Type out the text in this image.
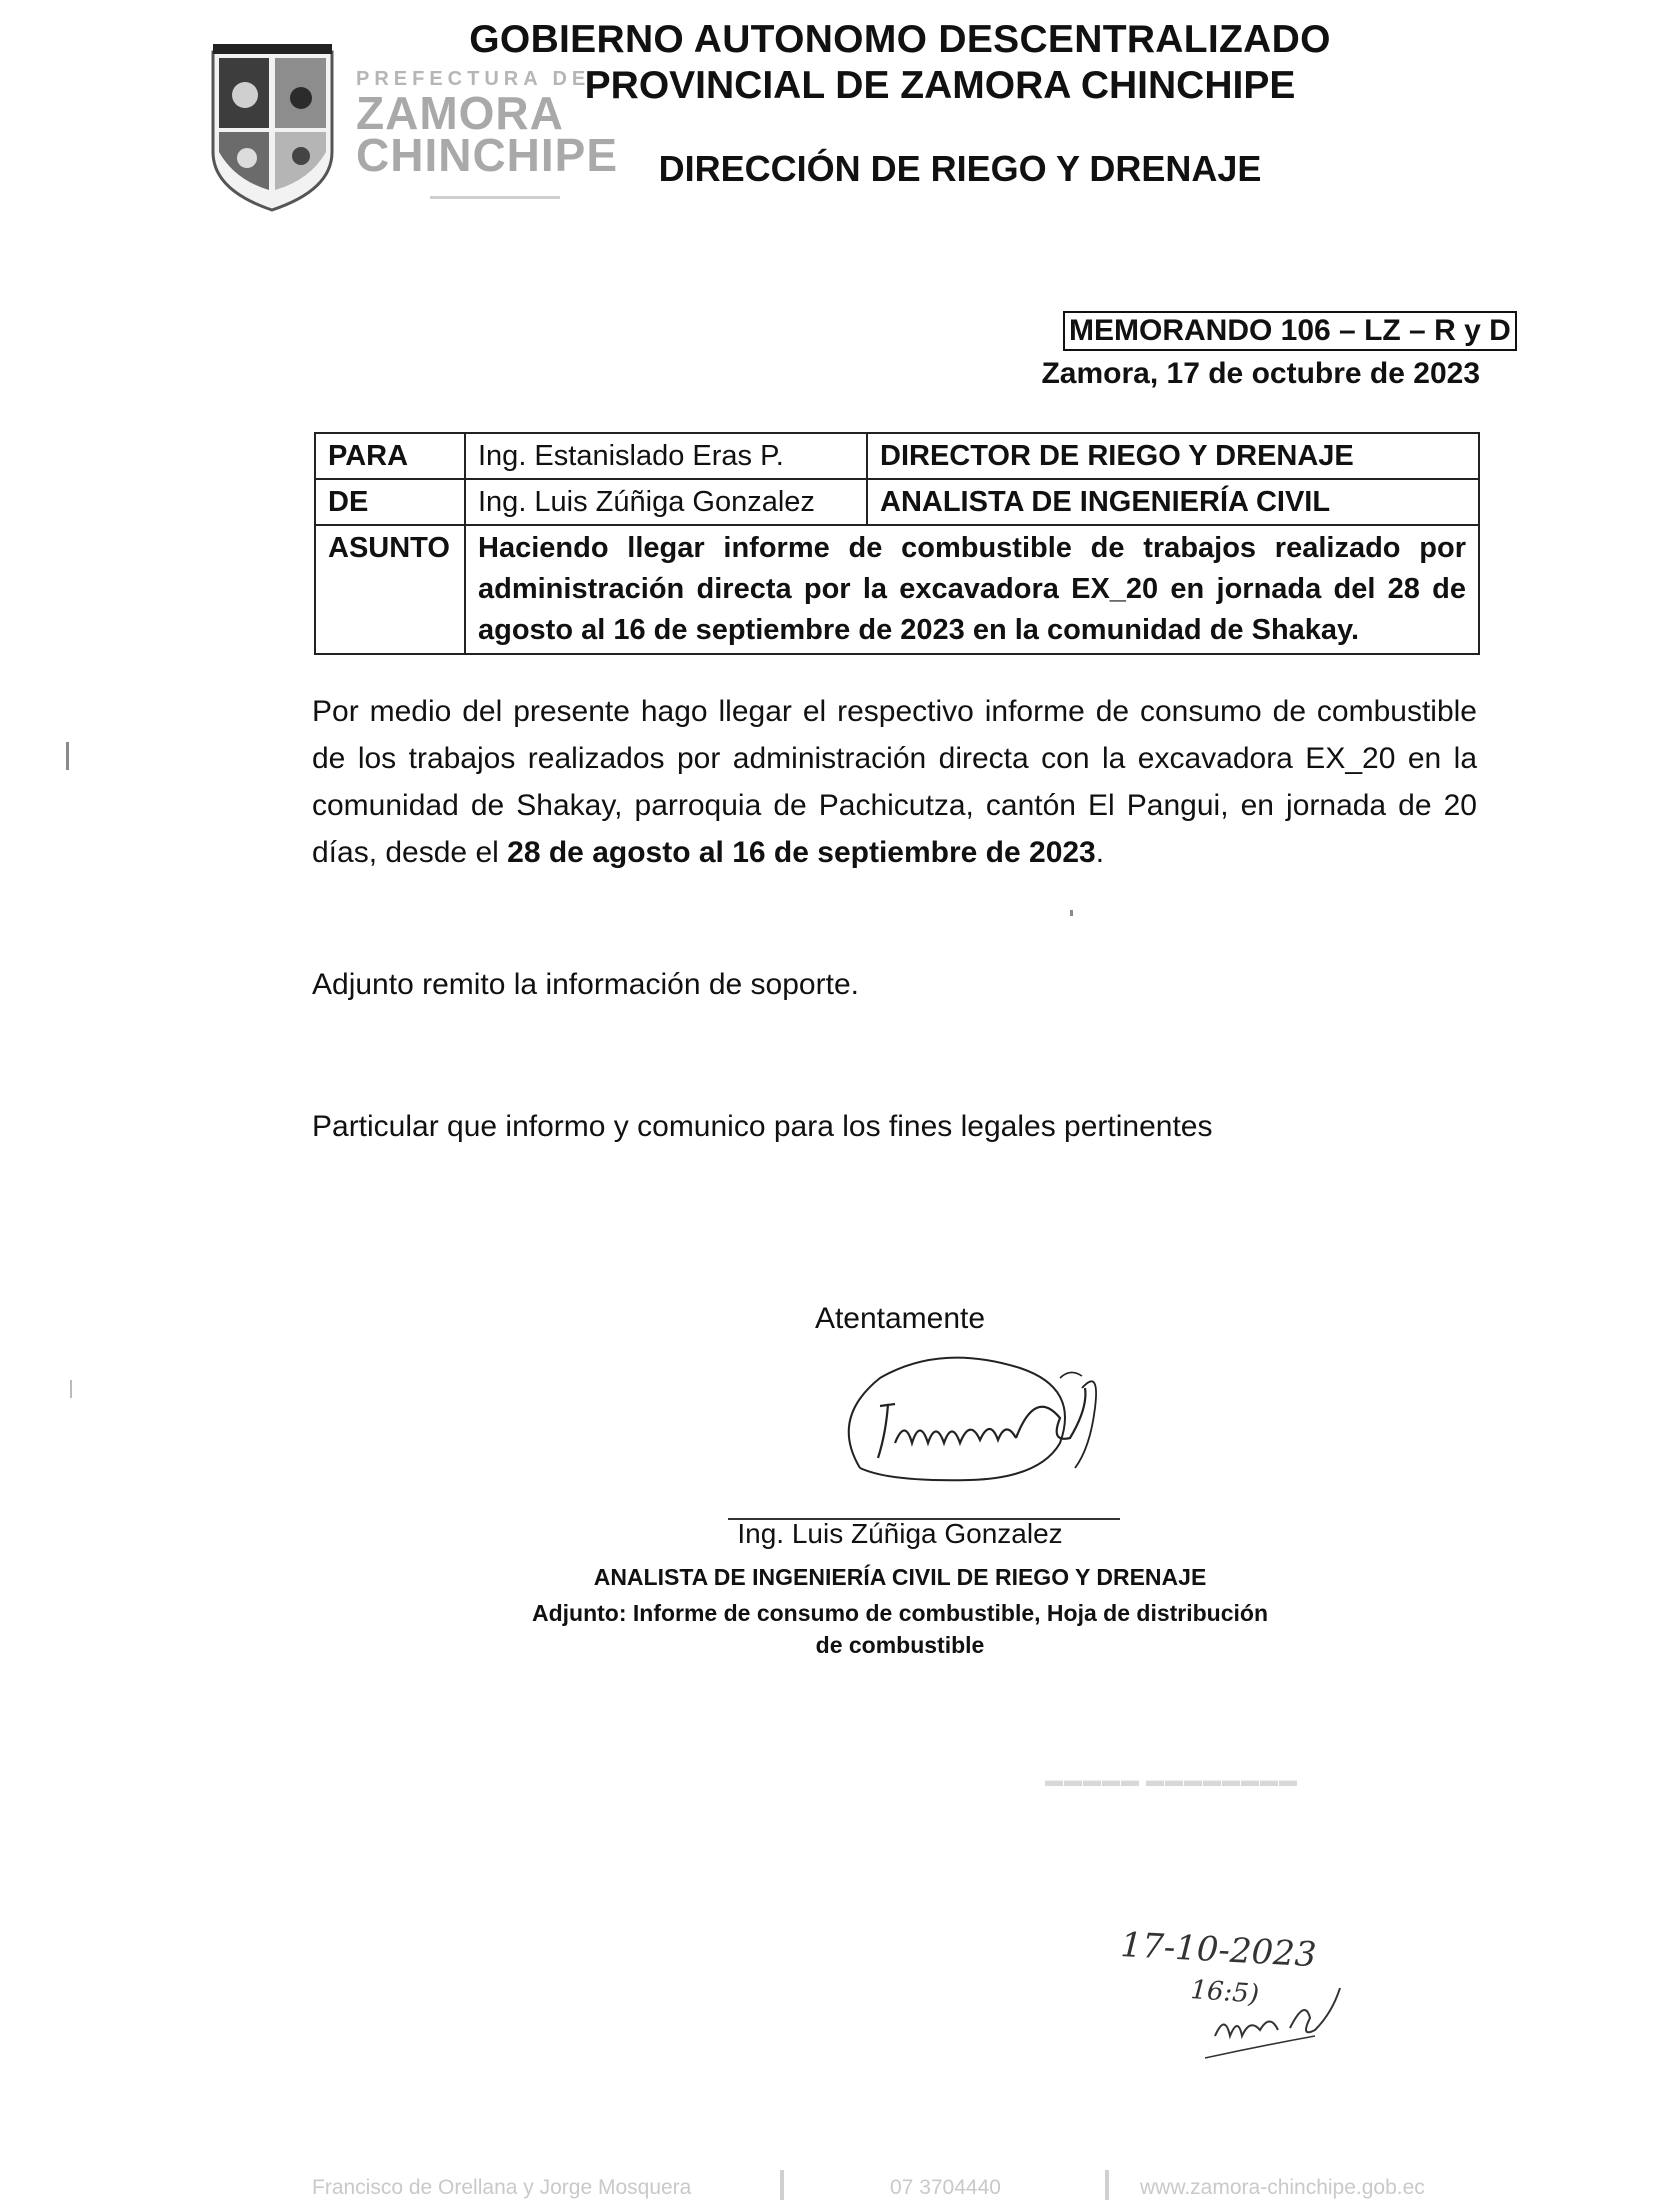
PREFECTURA DE
ZAMORA
CHINCHIPE
GOBIERNO AUTONOMO DESCENTRALIZADO
PROVINCIAL DE ZAMORA CHINCHIPE
DIRECCIÓN DE RIEGO Y DRENAJE
MEMORANDO 106 – LZ – R y D
Zamora, 17 de octubre de 2023
PARA	Ing. Estanislado Eras P.	DIRECTOR DE RIEGO Y DRENAJE
DE	Ing. Luis Zúñiga Gonzalez	ANALISTA DE INGENIERÍA CIVIL
ASUNTO	Haciendo llegar informe de combustible de trabajos realizado por administración directa por la excavadora EX_20 en jornada del 28 de agosto al 16 de septiembre de 2023 en la comunidad de Shakay.	
Por medio del presente hago llegar el respectivo informe de consumo de combustible de los trabajos realizados por administración directa con la excavadora EX_20 en la comunidad de Shakay, parroquia de Pachicutza, cantón El Pangui, en jornada de 20 días, desde el 28 de agosto al 16 de septiembre de 2023.
Adjunto remito la información de soporte.
Particular que informo y comunico para los fines legales pertinentes
Atentamente
Ing. Luis Zúñiga Gonzalez
ANALISTA DE INGENIERÍA CIVIL DE RIEGO Y DRENAJE
Adjunto: Informe de consumo de combustible, Hoja de distribución
de combustible
▬▬▬▬▬ ▬▬▬▬▬▬▬▬
17-10-2023
16:5)
Francisco de Orellana y Jorge Mosquera	07 3704440	www.zamora-chinchipe.gob.ec
